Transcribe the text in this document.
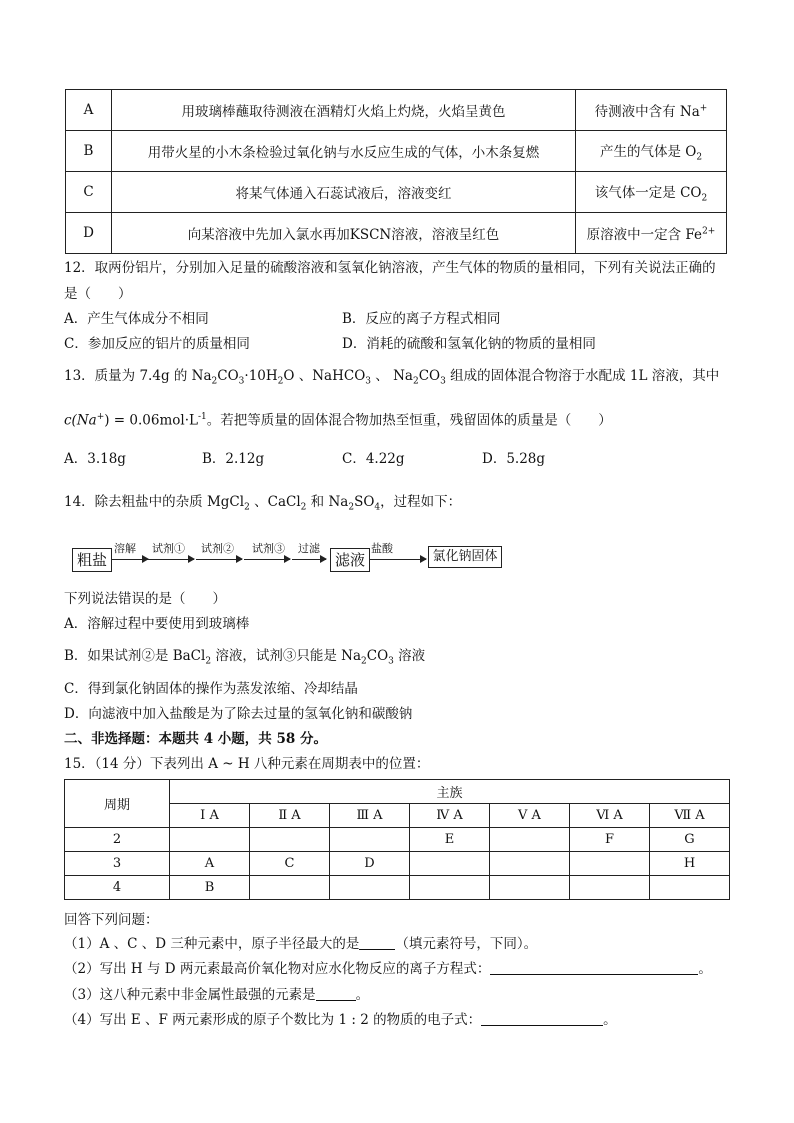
A	用玻璃棒蘸取待测液在酒精灯火焰上灼烧，火焰呈黄色	待测液中含有 Na+
B	用带火星的小木条检验过氧化钠与水反应生成的气体，小木条复燃	产生的气体是 $O_2$
C	将某气体通入石蕊试液后，溶液变红	该气体一定是 $CO_2$
D	向某溶液中先加入氯水再加KSCN溶液，溶液呈红色	原溶液中一定含 $Fe^{2+}$
12．取两份铝片，分别加入足量的硫酸溶液和氢氧化钠溶液，产生气体的物质的量相同，下列有关说法正确的
是（　　）
A．产生气体成分不相同	B．反应的离子方程式相同
C．参加反应的铝片的质量相同	D．消耗的硫酸和氢氧化钠的物质的量相同
13．质量为 7.4g 的 $Na_2CO_3\cdot 10H_2O$ 、NaHCO$_3$ 、 $Na_2CO_3$ 组成的固体混合物溶于水配成 1L 溶液，其中
$c(Na^+) = 0.06mol\cdot L^{-1}$。若把等质量的固体混合物加热至恒重，残留固体的质量是（　　）
A．3.18g	B．2.12g	C．4.22g	D．5.28g
14．除去粗盐中的杂质 MgCl$_2$ 、CaCl$_2$ 和 $Na_2SO_4$，过程如下：
粗盐
溶解 试剂① 试剂② 试剂③ 过滤
滤液
盐酸
氯化钠固体
下列说法错误的是（　　）
A．溶解过程中要使用到玻璃棒
B．如果试剂②是 BaCl$_2$ 溶液，试剂③只能是 $Na_2CO_3$ 溶液
C．得到氯化钠固体的操作为蒸发浓缩、冷却结晶
D．向滤液中加入盐酸是为了除去过量的氢氧化钠和碳酸钠
二、非选择题：本题共 4 小题，共 58 分。
15．（14 分）下表列出 A ~ H 八种元素在周期表中的位置：
周期	主族						
	Ⅰ A	Ⅱ A	Ⅲ A	Ⅳ A	Ⅴ A	Ⅵ A	Ⅶ A
2				E		F	G
3	A	C	D				H
4	B						
回答下列问题：
（1）A 、C 、D 三种元素中，原子半径最大的是	（填元素符号，下同）。
（2）写出 H 与 D 两元素最高价氧化物对应水化物反应的离子方程式：	。
（3）这八种元素中非金属性最强的元素是	。
（4）写出 E 、F 两元素形成的原子个数比为 1 : 2 的物质的电子式：	。
